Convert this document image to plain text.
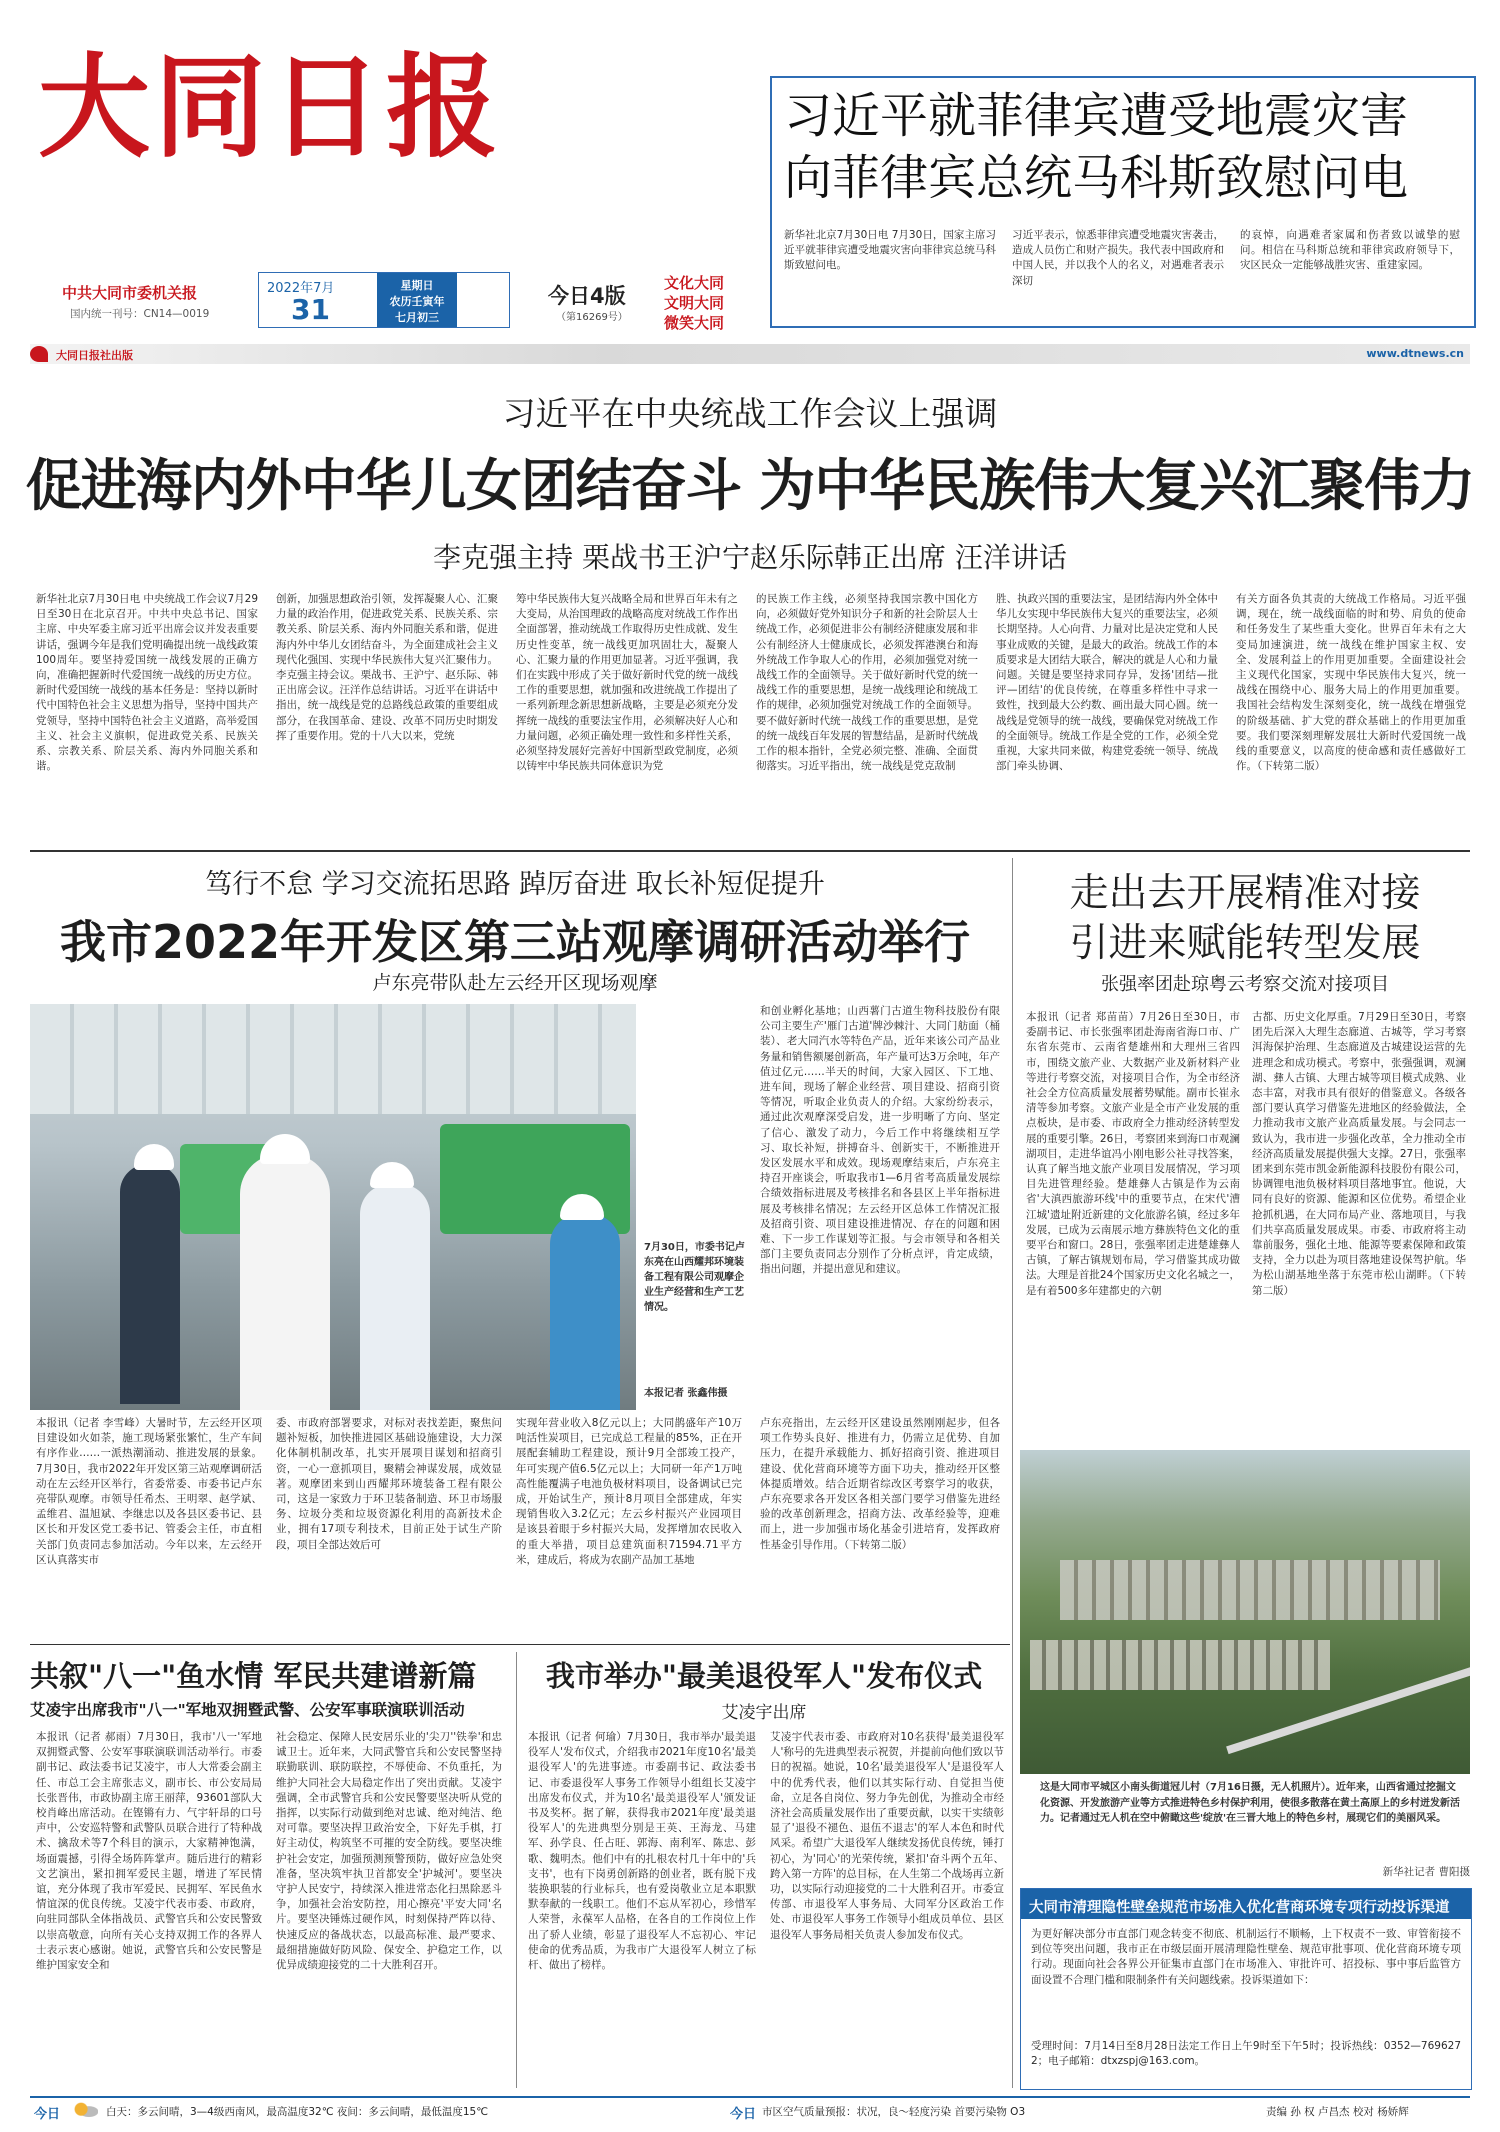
大同日报
中共大同市委机关报
国内统一刊号：CN14—0019
2022年7月
31
星期日
农历壬寅年
七月初三
今日4版
（第16269号）
文化大同
文明大同
微笑大同
大同日报社出版	www.dtnews.cn
习近平就菲律宾遭受地震灾害
向菲律宾总统马科斯致慰问电
新华社北京7月30日电 7月30日，国家主席习近平就菲律宾遭受地震灾害向菲律宾总统马科斯致慰问电。
习近平表示，惊悉菲律宾遭受地震灾害袭击，造成人员伤亡和财产损失。我代表中国政府和中国人民，并以我个人的名义，对遇难者表示深切
的哀悼，向遇难者家属和伤者致以诚挚的慰问。相信在马科斯总统和菲律宾政府领导下，灾区民众一定能够战胜灾害、重建家园。
习近平在中央统战工作会议上强调
促进海内外中华儿女团结奋斗 为中华民族伟大复兴汇聚伟力
李克强主持 栗战书王沪宁赵乐际韩正出席 汪洋讲话
新华社北京7月30日电 中央统战工作会议7月29日至30日在北京召开。中共中央总书记、国家主席、中央军委主席习近平出席会议并发表重要讲话，强调今年是我们党明确提出统一战线政策100周年。要坚持爱国统一战线发展的正确方向，准确把握新时代爱国统一战线的历史方位。新时代爱国统一战线的基本任务是：坚持以新时代中国特色社会主义思想为指导，坚持中国共产党领导，坚持中国特色社会主义道路，高举爱国主义、社会主义旗帜，促进政党关系、民族关系、宗教关系、阶层关系、海内外同胞关系和谐。
创新，加强思想政治引领，发挥凝聚人心、汇聚力量的政治作用，促进政党关系、民族关系、宗教关系、阶层关系、海内外同胞关系和谐，促进海内外中华儿女团结奋斗，为全面建成社会主义现代化强国、实现中华民族伟大复兴汇聚伟力。李克强主持会议。栗战书、王沪宁、赵乐际、韩正出席会议。汪洋作总结讲话。习近平在讲话中指出，统一战线是党的总路线总政策的重要组成部分，在我国革命、建设、改革不同历史时期发挥了重要作用。党的十八大以来，党统
筹中华民族伟大复兴战略全局和世界百年未有之大变局，从治国理政的战略高度对统战工作作出全面部署，推动统战工作取得历史性成就、发生历史性变革，统一战线更加巩固壮大，凝聚人心、汇聚力量的作用更加显著。习近平强调，我们在实践中形成了关于做好新时代党的统一战线工作的重要思想，就加强和改进统战工作提出了一系列新理念新思想新战略，主要是必须充分发挥统一战线的重要法宝作用，必须解决好人心和力量问题，必须正确处理一致性和多样性关系，必须坚持发展好完善好中国新型政党制度，必须以铸牢中华民族共同体意识为党
的民族工作主线，必须坚持我国宗教中国化方向，必须做好党外知识分子和新的社会阶层人士统战工作，必须促进非公有制经济健康发展和非公有制经济人士健康成长，必须发挥港澳台和海外统战工作争取人心的作用，必须加强党对统一战线工作的全面领导。关于做好新时代党的统一战线工作的重要思想，是统一战线理论和统战工作的规律，必须加强党对统战工作的全面领导。要不做好新时代统一战线工作的重要思想，是党的统一战线百年发展的智慧结晶，是新时代统战工作的根本指针，全党必须完整、准确、全面贯彻落实。习近平指出，统一战线是党克敌制
胜、执政兴国的重要法宝，是团结海内外全体中华儿女实现中华民族伟大复兴的重要法宝，必须长期坚持。人心向背、力量对比是决定党和人民事业成败的关键，是最大的政治。统战工作的本质要求是大团结大联合，解决的就是人心和力量问题。关键是要坚持求同存异，发扬'团结—批评—团结'的优良传统，在尊重多样性中寻求一致性，找到最大公约数、画出最大同心圆。统一战线是党领导的统一战线，要确保党对统战工作的全面领导。统战工作是全党的工作，必须全党重视，大家共同来做，构建党委统一领导、统战部门牵头协调、
有关方面各负其责的大统战工作格局。习近平强调，现在，统一战线面临的时和势、肩负的使命和任务发生了某些重大变化。世界百年未有之大变局加速演进，统一战线在维护国家主权、安全、发展利益上的作用更加重要。全面建设社会主义现代化国家，实现中华民族伟大复兴，统一战线在围绕中心、服务大局上的作用更加重要。我国社会结构发生深刻变化，统一战线在增强党的阶级基础、扩大党的群众基础上的作用更加重要。我们要深刻理解发展壮大新时代爱国统一战线的重要意义，以高度的使命感和责任感做好工作。（下转第二版）
笃行不怠 学习交流拓思路 踔厉奋进 取长补短促提升
我市2022年开发区第三站观摩调研活动举行
卢东亮带队赴左云经开区现场观摩
7月30日，市委书记卢东亮在山西耀邦环境装备工程有限公司观摩企业生产经营和生产工艺情况。
本报记者 张鑫伟摄
和创业孵化基地；山西薯门古道生物科技股份有限公司主要生产'雁门古道'牌沙棘汁、大同门舫面（桶装）、老大同汽水等特色产品，近年来该公司产品业务量和销售额屡创新高，年产量可达3万余吨，年产值过亿元……半天的时间，大家入园区、下工地、进车间，现场了解企业经营、项目建设、招商引资等情况，听取企业负责人的介绍。大家纷纷表示，通过此次观摩深受启发，进一步明晰了方向、坚定了信心、激发了动力，今后工作中将继续相互学习、取长补短，拼搏奋斗、创新实干，不断推进开发区发展水平和成效。现场观摩结束后，卢东亮主持召开座谈会，听取我市1—6月省考高质量发展综合绩效指标进展及考核排名和各县区上半年指标进展及考核排名情况；左云经开区总体工作情况汇报及招商引资、项目建设推进情况、存在的问题和困难、下一步工作谋划等汇报。与会市领导和各相关部门主要负责同志分别作了分析点评，肯定成绩，指出问题，并提出意见和建议。
本报讯（记者 李雪峰）大暑时节，左云经开区项目建设如火如荼，施工现场紧张繁忙，生产车间有序作业……一派热潮涌动、推进发展的景象。7月30日，我市2022年开发区第三站观摩调研活动在左云经开区举行，省委常委、市委书记卢东亮带队观摩。市领导任希杰、王明翠、赵学斌、孟维君、温旭斌、李继忠以及各县区委书记、县区长和开发区党工委书记、管委会主任，市直相关部门负责同志参加活动。今年以来，左云经开区认真落实市
委、市政府部署要求，对标对表找差距，聚焦问题补短板，加快推进园区基础设施建设，大力深化体制机制改革，扎实开展项目谋划和招商引资，一心一意抓项目，聚精会神谋发展，成效显著。观摩团来到山西耀邦环境装备工程有限公司，这是一家致力于环卫装备制造、环卫市场服务、垃圾分类和垃圾资源化利用的高新技术企业，拥有17项专利技术，目前正处于试生产阶段，项目全部达效后可
实现年营业收入8亿元以上；大同鹊盛年产10万吨活性炭项目，已完成总工程量的85%，正在开展配套辅助工程建设，预计9月全部竣工投产，年可实现产值6.5亿元以上；大同研一年产1万吨高性能覆满子电池负极材料项目，设备调试已完成，开始试生产，预计8月项目全部建成，年实现销售收入3.2亿元；左云乡村振兴产业园项目是该县着眼于乡村振兴大局，发挥增加农民收入的重大举措，项目总建筑面积71594.71平方米，建成后，将成为农副产品加工基地
卢东亮指出，左云经开区建设虽然刚刚起步，但各项工作势头良好、推进有力，仍需立足优势、自加压力，在提升承载能力、抓好招商引资、推进项目建设、优化营商环境等方面下功夫，推动经开区整体提质增效。结合近期省综改区考察学习的收获，卢东亮要求各开发区各相关部门要学习借鉴先进经验的改革创新理念，招商方法、改革经验等，迎难而上，进一步加强市场化基金引进培育，发挥政府性基金引导作用。（下转第二版）
走出去开展精准对接
引进来赋能转型发展
张强率团赴琼粤云考察交流对接项目
本报讯（记者 郑苗苗）7月26日至30日，市委副书记、市长张强率团赴海南省海口市、广东省东莞市、云南省楚雄州和大理州三省四市，围绕文旅产业、大数据产业及新材料产业等进行考察交流，对接项目合作，为全市经济社会全方位高质量发展蓄势赋能。副市长崔永清等参加考察。文旅产业是全市产业发展的重点板块，是市委、市政府全力推动经济转型发展的重要引擎。26日，考察团来到海口市观澜湖项目，走进华谊冯小刚电影公社寻找答案，认真了解当地文旅产业项目发展情况，学习项目先进管理经验。楚雄彝人古镇是作为云南省'大滇西旅游环线'中的重要节点，在宋代'漕江城'遗址附近新建的文化旅游名镇，经过多年发展，已成为云南展示地方彝族特色文化的重要平台和窗口。28日，张强率团走进楚雄彝人古镇，了解古镇规划布局，学习借鉴其成功做法。大理是首批24个国家历史文化名城之一，是有着500多年建都史的六朝
古都、历史文化厚重。7月29日至30日，考察团先后深入大理生态廊道、古城等，学习考察洱海保护治理、生态廊道及古城建设运营的先进理念和成功模式。考察中，张强强调，观澜湖、彝人古镇、大理古城等项目模式成熟、业态丰富，对我市具有很好的借鉴意义。各级各部门要认真学习借鉴先进地区的经验做法，全力推动我市文旅产业高质量发展。与会同志一致认为，我市进一步强化改革，全力推动全市经济高质量发展提供强大支撑。27日，张强率团来到东莞市凯金新能源科技股份有限公司，协调锂电池负极材料项目落地事宜。他说，大同有良好的资源、能源和区位优势。希望企业抢抓机遇，在大同布局产业、落地项目，与我们共享高质量发展成果。市委、市政府将主动靠前服务，强化土地、能源等要素保障和政策支持，全力以赴为项目落地建设保驾护航。华为松山湖基地坐落于东莞市松山湖畔。（下转第二版）
这是大同市平城区小南头街道冠儿村（7月16日摄，无人机照片）。近年来，山西省通过挖掘文化资源、开发旅游产业等方式推进特色乡村保护利用，使很多散落在黄土高原上的乡村迸发新活力。记者通过无人机在空中俯瞰这些'绽放'在三晋大地上的特色乡村，展现它们的美丽风采。
新华社记者 曹阳摄
大同市清理隐性壁垒规范市场准入优化营商环境专项行动投诉渠道
为更好解决部分市直部门观念转变不彻底、机制运行不顺畅，上下权责不一致、审管衔接不到位等突出问题，我市正在市级层面开展清理隐性壁垒、规范审批事项、优化营商环境专项行动。现面向社会各界公开征集市直部门在市场准入、审批许可、招投标、事中事后监管方面设置不合理门槛和限制条件有关问题线索。投诉渠道如下：
受理时间：7月14日至8月28日法定工作日上午9时至下午5时；投诉热线：0352—7696272；电子邮箱：dtxzspj@163.com。
共叙"八一"鱼水情 军民共建谱新篇
艾凌宇出席我市"八一"军地双拥暨武警、公安军事联演联训活动
本报讯（记者 郝雨）7月30日，我市'八一'军地双拥暨武警、公安军事联演联训活动举行。市委副书记、政法委书记艾凌宇，市人大常委会副主任、市总工会主席张志义，副市长、市公安局局长张晋伟，市政协副主席王丽萍，93601部队大校肖峰出席活动。在铿锵有力、气宇轩昂的口号声中，公安巡特警和武警队员联合进行了特种战术、擒敌术等7个科目的演示，大家精神饱满，场面震撼，引得全场阵阵掌声。随后进行的精彩文艺演出，紧扣拥军爱民主题，增进了军民情谊，充分体现了我市军爱民、民拥军、军民鱼水情谊深的优良传统。艾凌宇代表市委、市政府，向驻同部队全体指战员、武警官兵和公安民警致以崇高敬意，向所有关心支持双拥工作的各界人士表示衷心感谢。她说，武警官兵和公安民警是维护国家安全和
社会稳定、保障人民安居乐业的'尖刀''铁拳'和忠诚卫士。近年来，大同武警官兵和公安民警坚持联勤联训、联防联控，不辱使命、不负重托，为维护大同社会大局稳定作出了突出贡献。艾凌宇强调，全市武警官兵和公安民警要坚决听从党的指挥，以实际行动做到绝对忠诚、绝对纯洁、绝对可靠。要坚决捍卫政治安全，下好先手棋，打好主动仗，构筑坚不可摧的安全防线。要坚决维护社会安定，加强预测预警预防，做好应急处突准备，坚决筑牢执卫首都安全'护城河'。要坚决守护人民安宁，持续深入推进常态化扫黑除恶斗争，加强社会治安防控，用心擦亮'平安大同'名片。要坚决锤炼过硬作风，时刻保持严阵以待、快速反应的备战状态，以最高标准、最严要求、最细措施做好防风险、保安全、护稳定工作，以优异成绩迎接党的二十大胜利召开。
我市举办"最美退役军人"发布仪式
艾凌宇出席
本报讯（记者 何瑜）7月30日，我市举办'最美退役军人'发布仪式，介绍我市2021年度10名'最美退役军人'的先进事迹。市委副书记、政法委书记、市委退役军人事务工作领导小组组长艾凌宇出席发布仪式，并为10名'最美退役军人'颁发证书及奖杯。据了解，获得我市2021年度'最美退役军人'的先进典型分别是王英、王海龙、马建军、孙学良、任占旺、郭海、南利军、陈忠、彭歌、魏明杰。他们中有的扎根农村几十年中的'兵支书'，也有下岗勇创新路的创业者，既有脱下戎装换职装的行业标兵，也有爱岗敬业立足本职默默奉献的一线职工。他们不忘从军初心，珍惜军人荣誉，永葆军人品格，在各自的工作岗位上作出了骄人业绩，彰显了退役军人不忘初心、牢记使命的优秀品质，为我市广大退役军人树立了标杆、做出了榜样。
艾凌宇代表市委、市政府对10名获得'最美退役军人'称号的先进典型表示祝贺，并提前向他们致以节日的祝福。她说，10名'最美退役军人'是退役军人中的优秀代表，他们以其实际行动、自觉担当使命，立足各自岗位、努力争先创优，为推动全市经济社会高质量发展作出了重要贡献，以实干实绩彰显了'退役不褪色、退伍不退志'的军人本色和时代风采。希望广大退役军人继续发扬优良传统，锤打初心，为'同心'的光荣传统，紧扣'奋斗两个五年、跨入第一方阵'的总目标，在人生第二个战场再立新功，以实际行动迎接党的二十大胜利召开。市委宣传部、市退役军人事务局、大同军分区政治工作处、市退役军人事务工作领导小组成员单位、县区退役军人事务局相关负责人参加发布仪式。
今日	白天：多云间晴，3—4级西南风，最高温度32℃ 夜间：多云间晴，最低温度15℃	今日 市区空气质量预报：状况，良～轻度污染 首要污染物 O3	责编 孙 权 卢昌杰 校对 杨娇辉
